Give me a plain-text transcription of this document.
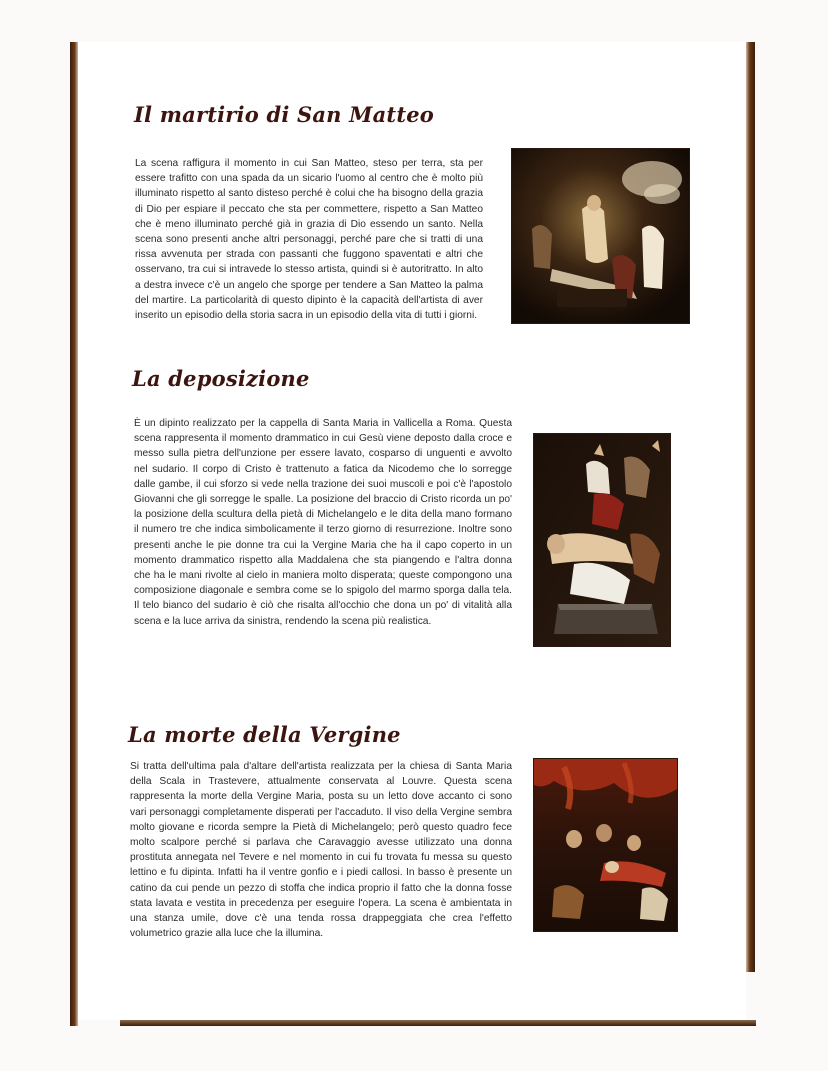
Il martirio di San Matteo

La scena raffigura il momento in cui San Matteo, steso per terra, sta per essere trafitto con una spada da un sicario l'uomo al centro che è molto più illuminato rispetto al santo disteso perché è colui che ha bisogno della grazia di Dio per espiare il peccato che sta per commettere, rispetto a San Matteo che è meno illuminato perché già in grazia di Dio essendo un santo. Nella scena sono presenti anche altri personaggi, perché pare che si tratti di una rissa avvenuta per strada con passanti che fuggono spaventati e altri che osservano, tra cui si intravede lo stesso artista, quindi si è autoritratto. In alto a destra invece c'è un angelo che sporge per tendere a San Matteo la palma del martire. La particolarità di questo dipinto è la capacità dell'artista di aver inserito un episodio della storia sacra in un episodio della vita di tutti i giorni.

La deposizione

È un dipinto realizzato per la cappella di Santa Maria in Vallicella a Roma. Questa scena rappresenta il momento drammatico in cui Gesù viene deposto dalla croce e messo sulla pietra dell'unzione per essere lavato, cosparso di unguenti e avvolto nel sudario. Il corpo di Cristo è trattenuto a fatica da Nicodemo che lo sorregge dalle gambe, il cui sforzo si vede nella trazione dei suoi muscoli e poi c'è l'apostolo Giovanni che gli sorregge le spalle. La posizione del braccio di Cristo ricorda un po' la posizione della scultura della pietà di Michelangelo e le dita della mano formano il numero tre che indica simbolicamente il terzo giorno di resurrezione. Inoltre sono presenti anche le pie donne tra cui la Vergine Maria che ha il capo coperto in un momento drammatico rispetto alla Maddalena che sta piangendo e l'altra donna che ha le mani rivolte al cielo in maniera molto disperata; queste compongono una composizione diagonale e sembra come se lo spigolo del marmo sporga dalla tela. Il telo bianco del sudario è ciò che risalta all'occhio che dona un po' di vitalità alla scena e la luce arriva da sinistra, rendendo la scena più realistica.

La morte della Vergine

Si tratta dell'ultima pala d'altare dell'artista realizzata per la chiesa di Santa Maria della Scala in Trastevere, attualmente conservata al Louvre. Questa scena rappresenta la morte della Vergine Maria, posta su un letto dove accanto ci sono vari personaggi completamente disperati per l'accaduto. Il viso della Vergine sembra molto giovane e ricorda sempre la Pietà di Michelangelo; però questo quadro fece molto scalpore perché si parlava che Caravaggio avesse utilizzato una donna prostituta annegata nel Tevere e nel momento in cui fu trovata fu messa su questo lettino e fu dipinta. Infatti ha il ventre gonfio e i piedi callosi. In basso è presente un catino da cui pende un pezzo di stoffa che indica proprio il fatto che la donna fosse stata lavata e vestita in precedenza per eseguire l'opera. La scena è ambientata in una stanza umile, dove c'è una tenda rossa drappeggiata che crea l'effetto volumetrico grazie alla luce che la illumina.
